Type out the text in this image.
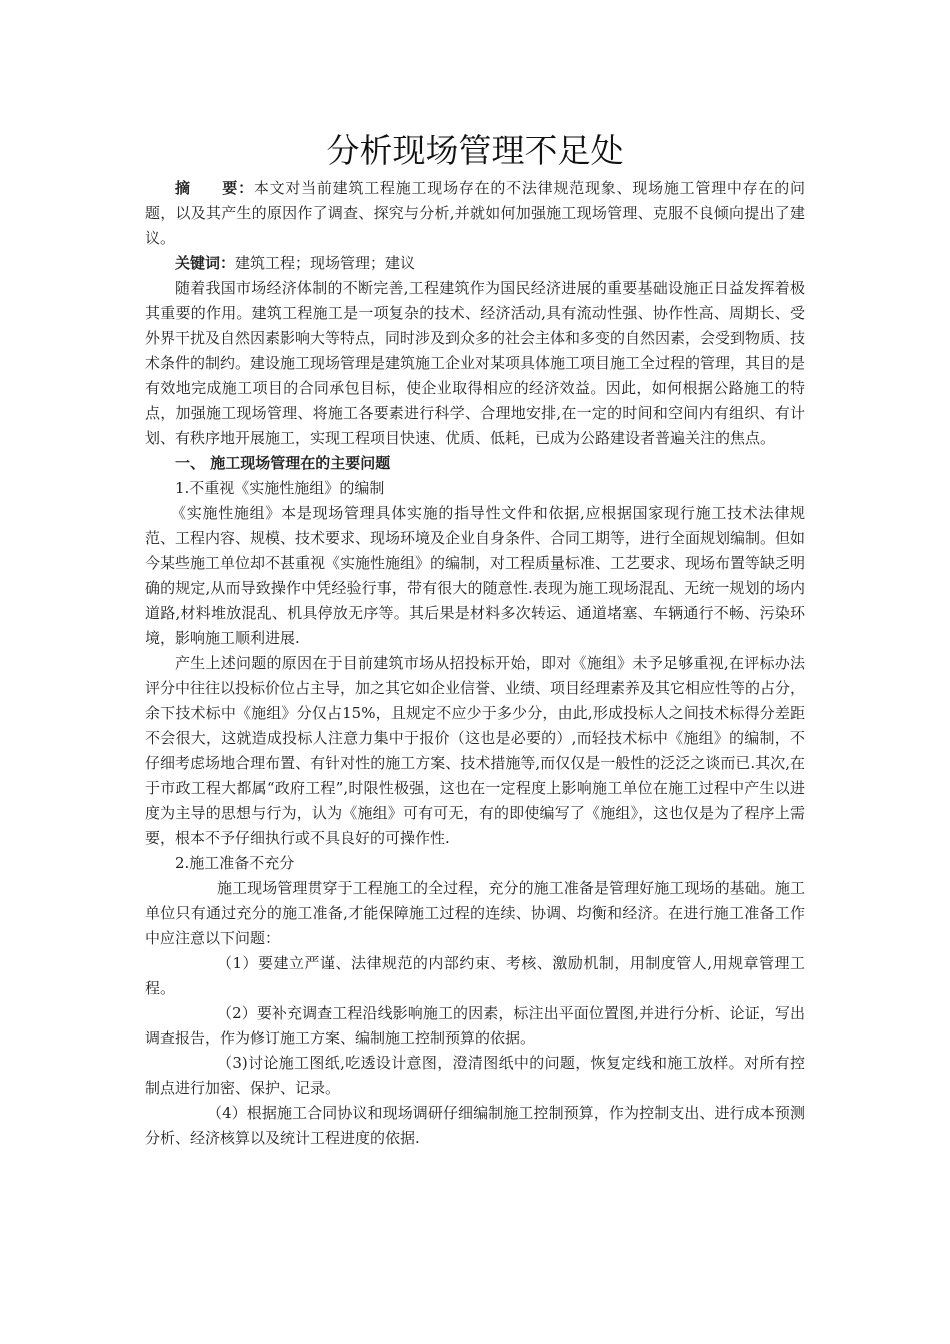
分析现场管理不足处

摘　　要：本文对当前建筑工程施工现场存在的不法律规范现象、现场施工管理中存在的问题，以及其产生的原因作了调查、探究与分析,并就如何加强施工现场管理、克服不良倾向提出了建议。

关键词：建筑工程；现场管理；建议

随着我国市场经济体制的不断完善,工程建筑作为国民经济进展的重要基础设施正日益发挥着极其重要的作用。建筑工程施工是一项复杂的技术、经济活动,具有流动性强、协作性高、周期长、受外界干扰及自然因素影响大等特点，同时涉及到众多的社会主体和多变的自然因素，会受到物质、技术条件的制约。建设施工现场管理是建筑施工企业对某项具体施工项目施工全过程的管理，其目的是有效地完成施工项目的合同承包目标，使企业取得相应的经济效益。因此，如何根据公路施工的特点，加强施工现场管理、将施工各要素进行科学、合理地安排,在一定的时间和空间内有组织、有计划、有秩序地开展施工，实现工程项目快速、优质、低耗，已成为公路建设者普遍关注的焦点。

一、 施工现场管理在的主要问题

1.不重视《实施性施组》的编制

《实施性施组》本是现场管理具体实施的指导性文件和依据,应根据国家现行施工技术法律规范、工程内容、规模、技术要求、现场环境及企业自身条件、合同工期等，进行全面规划编制。但如今某些施工单位却不甚重视《实施性施组》的编制，对工程质量标准、工艺要求、现场布置等缺乏明确的规定,从而导致操作中凭经验行事，带有很大的随意性.表现为施工现场混乱、无统一规划的场内道路,材料堆放混乱、机具停放无序等。其后果是材料多次转运、通道堵塞、车辆通行不畅、污染环境，影响施工顺利进展.

产生上述问题的原因在于目前建筑市场从招投标开始，即对《施组》未予足够重视,在评标办法评分中往往以投标价位占主导，加之其它如企业信誉、业绩、项目经理素养及其它相应性等的占分，余下技术标中《施组》分仅占15%，且规定不应少于多少分，由此,形成投标人之间技术标得分差距不会很大，这就造成投标人注意力集中于报价（这也是必要的）,而轻技术标中《施组》的编制，不仔细考虑场地合理布置、有针对性的施工方案、技术措施等,而仅仅是一般性的泛泛之谈而已.其次,在于市政工程大都属“政府工程”,时限性极强，这也在一定程度上影响施工单位在施工过程中产生以进度为主导的思想与行为，认为《施组》可有可无，有的即使编写了《施组》，这也仅是为了程序上需要，根本不予仔细执行或不具良好的可操作性.

2.施工准备不充分

施工现场管理贯穿于工程施工的全过程，充分的施工准备是管理好施工现场的基础。施工单位只有通过充分的施工准备,才能保障施工过程的连续、协调、均衡和经济。在进行施工准备工作中应注意以下问题：

（1）要建立严谨、法律规范的内部约束、考核、激励机制，用制度管人,用规章管理工程。

（2）要补充调查工程沿线影响施工的因素，标注出平面位置图,并进行分析、论证，写出调查报告，作为修订施工方案、编制施工控制预算的依据。

（3)讨论施工图纸,吃透设计意图，澄清图纸中的问题，恢复定线和施工放样。对所有控制点进行加密、保护、记录。

（4）根据施工合同协议和现场调研仔细编制施工控制预算，作为控制支出、进行成本预测分析、经济核算以及统计工程进度的依据.
